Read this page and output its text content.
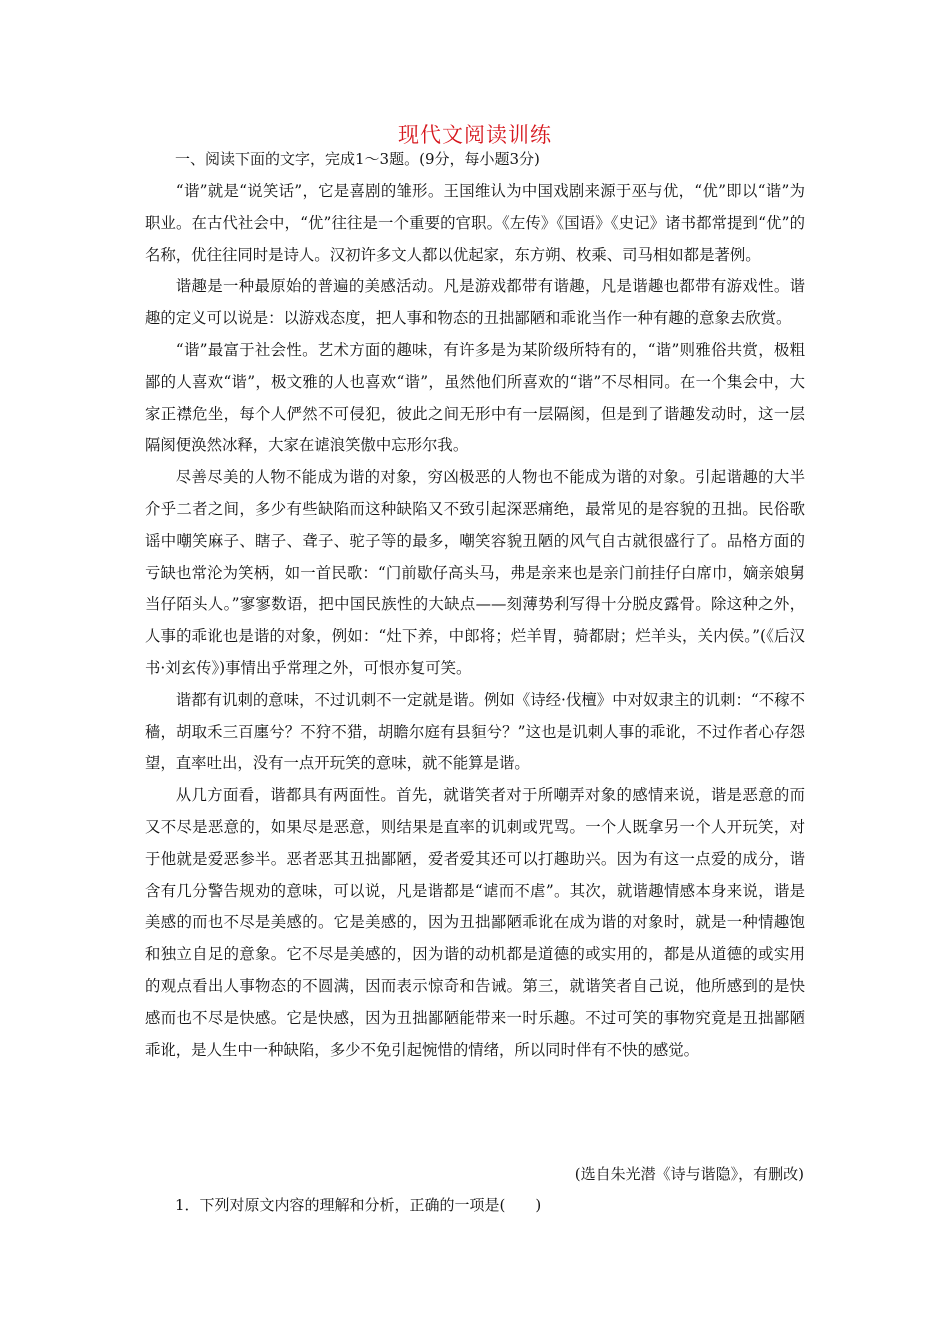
现代文阅读训练
一、阅读下面的文字，完成1～3题。(9分，每小题3分)

“谐”就是“说笑话”，它是喜剧的雏形。王国维认为中国戏剧来源于巫与优，“优”即以“谐”为职业。在古代社会中，“优”往往是一个重要的官职。《左传》《国语》《史记》诸书都常提到“优”的名称，优往往同时是诗人。汉初许多文人都以优起家，东方朔、枚乘、司马相如都是著例。

谐趣是一种最原始的普遍的美感活动。凡是游戏都带有谐趣，凡是谐趣也都带有游戏性。谐趣的定义可以说是：以游戏态度，把人事和物态的丑拙鄙陋和乖讹当作一种有趣的意象去欣赏。

“谐”最富于社会性。艺术方面的趣味，有许多是为某阶级所特有的，“谐”则雅俗共赏，极粗鄙的人喜欢“谐”，极文雅的人也喜欢“谐”，虽然他们所喜欢的“谐”不尽相同。在一个集会中，大家正襟危坐，每个人俨然不可侵犯，彼此之间无形中有一层隔阂，但是到了谐趣发动时，这一层隔阂便涣然冰释，大家在谑浪笑傲中忘形尔我。

尽善尽美的人物不能成为谐的对象，穷凶极恶的人物也不能成为谐的对象。引起谐趣的大半介乎二者之间，多少有些缺陷而这种缺陷又不致引起深恶痛绝，最常见的是容貌的丑拙。民俗歌谣中嘲笑麻子、瞎子、聋子、驼子等的最多，嘲笑容貌丑陋的风气自古就很盛行了。品格方面的亏缺也常沦为笑柄，如一首民歌：“门前歇仔高头马，弗是亲来也是亲门前挂仔白席巾，嫡亲娘舅当仔陌头人。”寥寥数语，把中国民族性的大缺点——刻薄势利写得十分脱皮露骨。除这种之外，人事的乖讹也是谐的对象，例如：“灶下养，中郎将；烂羊胃，骑都尉；烂羊头，关内侯。”(《后汉书·刘玄传》)事情出乎常理之外，可恨亦复可笑。

谐都有讥刺的意味，不过讥刺不一定就是谐。例如《诗经·伐檀》中对奴隶主的讥刺：“不稼不穑，胡取禾三百廛兮？不狩不猎，胡瞻尔庭有县貆兮？”这也是讥刺人事的乖讹，不过作者心存怨望，直率吐出，没有一点开玩笑的意味，就不能算是谐。

从几方面看，谐都具有两面性。首先，就谐笑者对于所嘲弄对象的感情来说，谐是恶意的而又不尽是恶意的，如果尽是恶意，则结果是直率的讥刺或咒骂。一个人既拿另一个人开玩笑，对于他就是爱恶参半。恶者恶其丑拙鄙陋，爱者爱其还可以打趣助兴。因为有这一点爱的成分，谐含有几分警告规劝的意味，可以说，凡是谐都是“谑而不虐”。其次，就谐趣情感本身来说，谐是美感的而也不尽是美感的。它是美感的，因为丑拙鄙陋乖讹在成为谐的对象时，就是一种情趣饱和独立自足的意象。它不尽是美感的，因为谐的动机都是道德的或实用的，都是从道德的或实用的观点看出人事物态的不圆满，因而表示惊奇和告诫。第三，就谐笑者自己说，他所感到的是快感而也不尽是快感。它是快感，因为丑拙鄙陋能带来一时乐趣。不过可笑的事物究竟是丑拙鄙陋乖讹，是人生中一种缺陷，多少不免引起惋惜的情绪，所以同时伴有不快的感觉。

(选自朱光潜《诗与谐隐》，有删改)
1．下列对原文内容的理解和分析，正确的一项是(　　)
